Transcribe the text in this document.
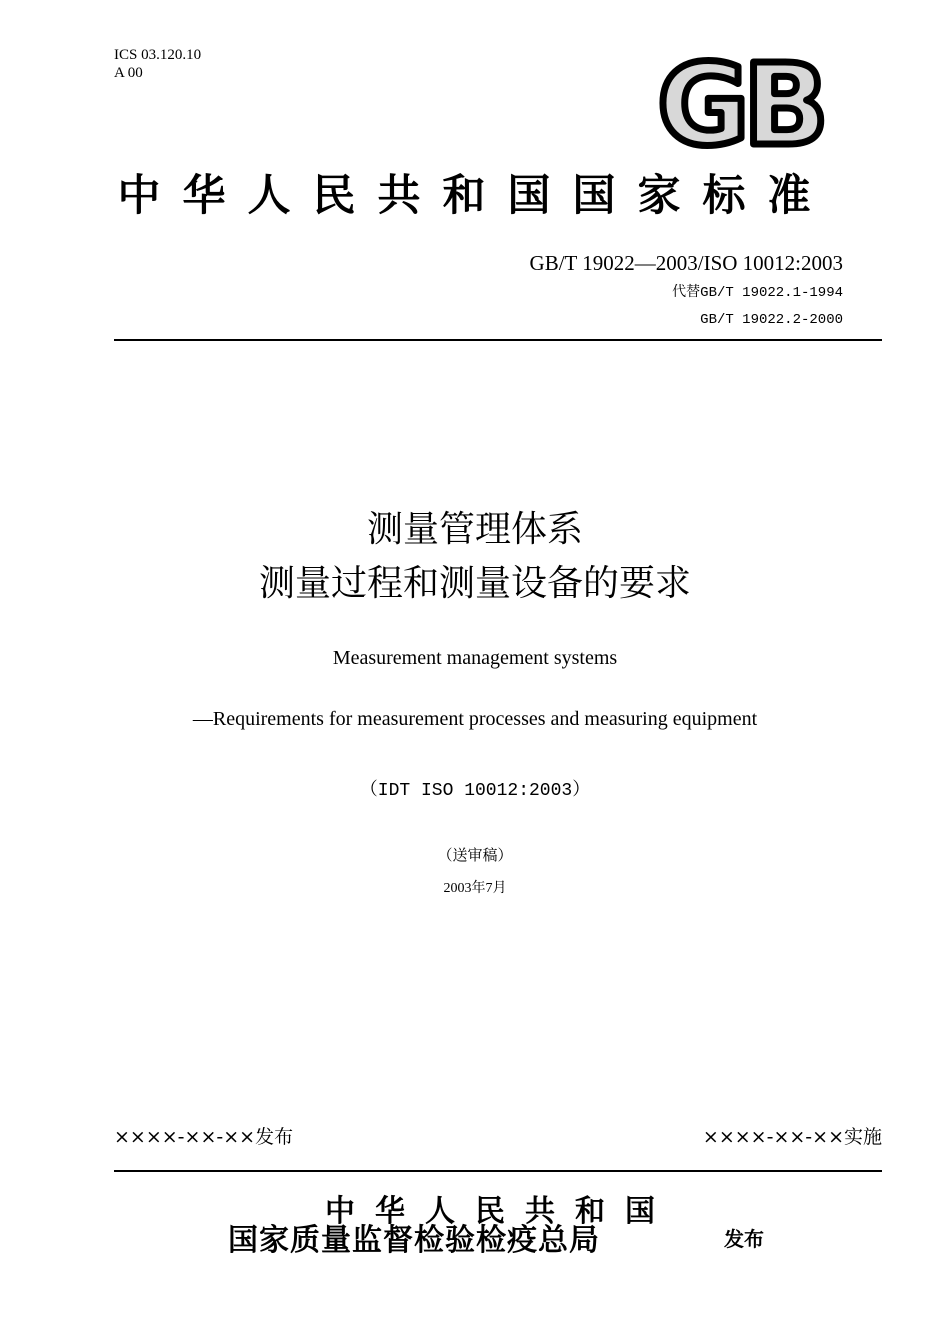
ICS 03.120.10
A 00	GB
中华人民共和国国家标准
GB/T 19022—2003/ISO 10012:2003
代替GB/T 19022.1-1994
GB/T 19022.2-2000
测量管理体系
测量过程和测量设备的要求
Measurement management systems
—Requirements for measurement processes and measuring equipment
（IDT ISO 10012:2003）
（送审稿）
2003年7月
××××-××-××发布	××××-××-××实施
中华人民共和国
国家质量监督检验检疫总局	发布
